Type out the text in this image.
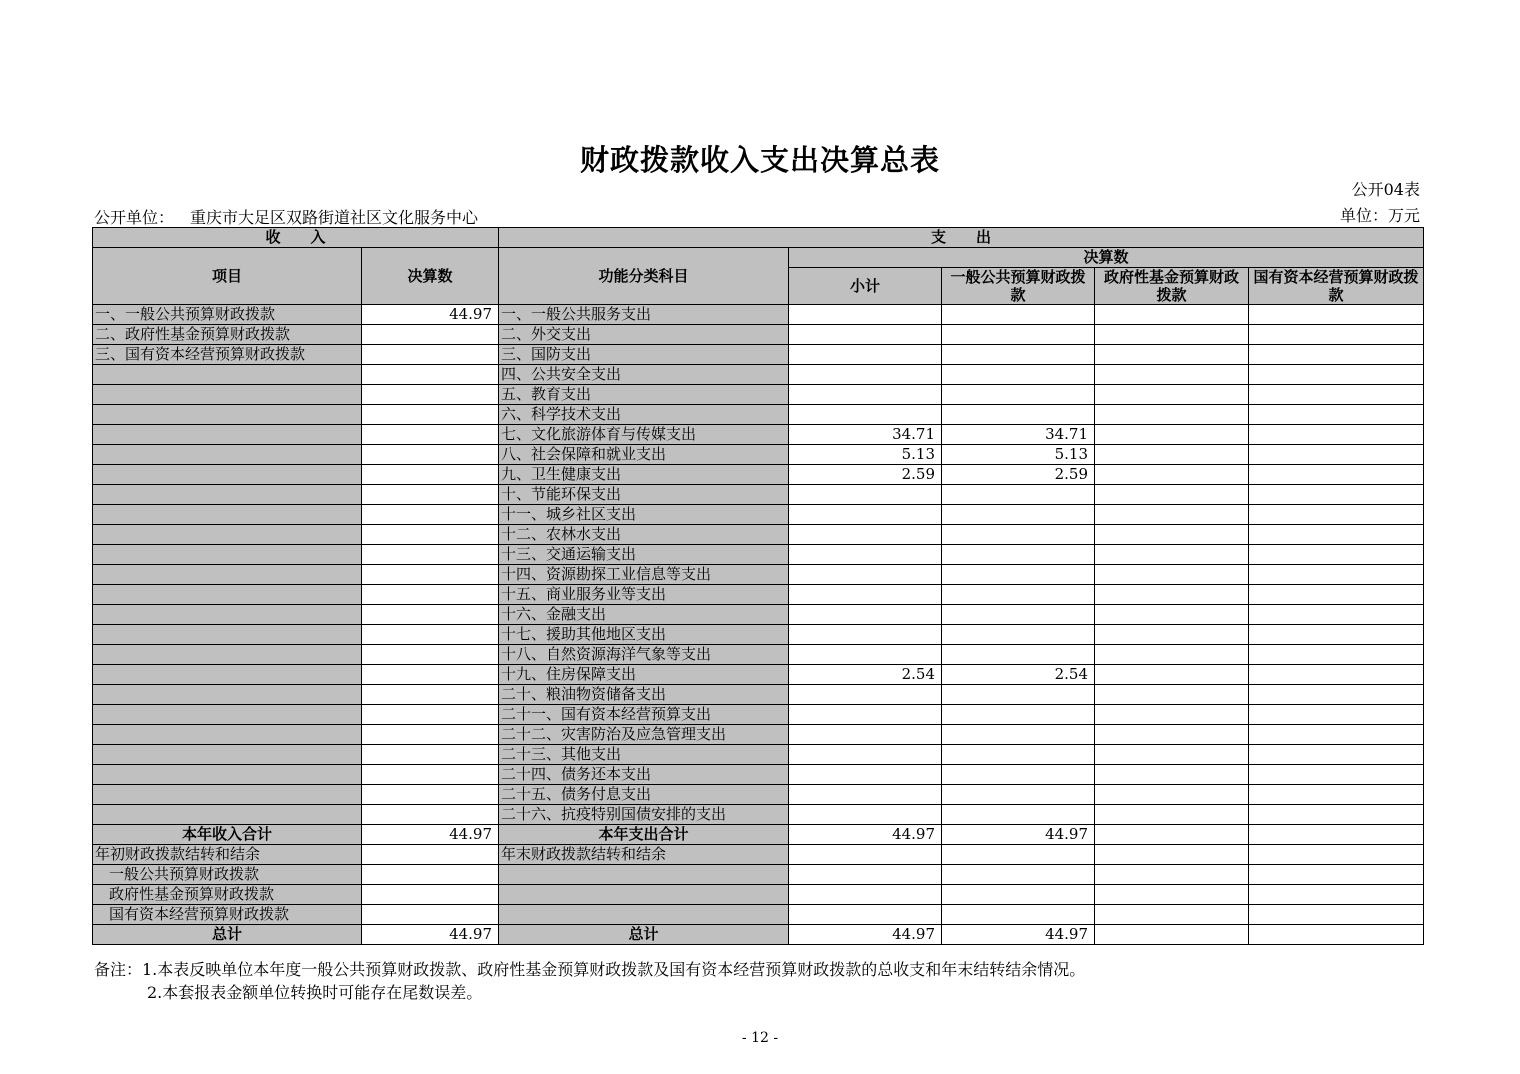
财政拨款收入支出决算总表
公开04表
公开单位： 重庆市大足区双路街道社区文化服务中心	单位：万元
收　　入		支　　出				
项目	决算数	功能分类科目	决算数			
			小计	一般公共预算财政拨款	政府性基金预算财政拨款	国有资本经营预算财政拨款

一、一般公共预算财政拨款	44.97	一、一般公共服务支出				
二、政府性基金预算财政拨款		二、外交支出				
三、国有资本经营预算财政拨款		三、国防支出				
		四、公共安全支出				
		五、教育支出				
		六、科学技术支出				
		七、文化旅游体育与传媒支出	34.71	34.71		
		八、社会保障和就业支出	5.13	5.13		
		九、卫生健康支出	2.59	2.59		
		十、节能环保支出				
		十一、城乡社区支出				
		十二、农林水支出				
		十三、交通运输支出				
		十四、资源勘探工业信息等支出				
		十五、商业服务业等支出				
		十六、金融支出				
		十七、援助其他地区支出				
		十八、自然资源海洋气象等支出				
		十九、住房保障支出	2.54	2.54		
		二十、粮油物资储备支出				
		二十一、国有资本经营预算支出				
		二十二、灾害防治及应急管理支出				
		二十三、其他支出				
		二十四、债务还本支出				
		二十五、债务付息支出				
		二十六、抗疫特别国债安排的支出				
本年收入合计	44.97	本年支出合计	44.97	44.97		
年初财政拨款结转和结余		年末财政拨款结转和结余				
一般公共预算财政拨款						
政府性基金预算财政拨款						
国有资本经营预算财政拨款						
总计	44.97	总计	44.97	44.97		
备注：1.本表反映单位本年度一般公共预算财政拨款、政府性基金预算财政拨款及国有资本经营预算财政拨款的总收支和年末结转结余情况。
2.本套报表金额单位转换时可能存在尾数误差。
- 12 -
